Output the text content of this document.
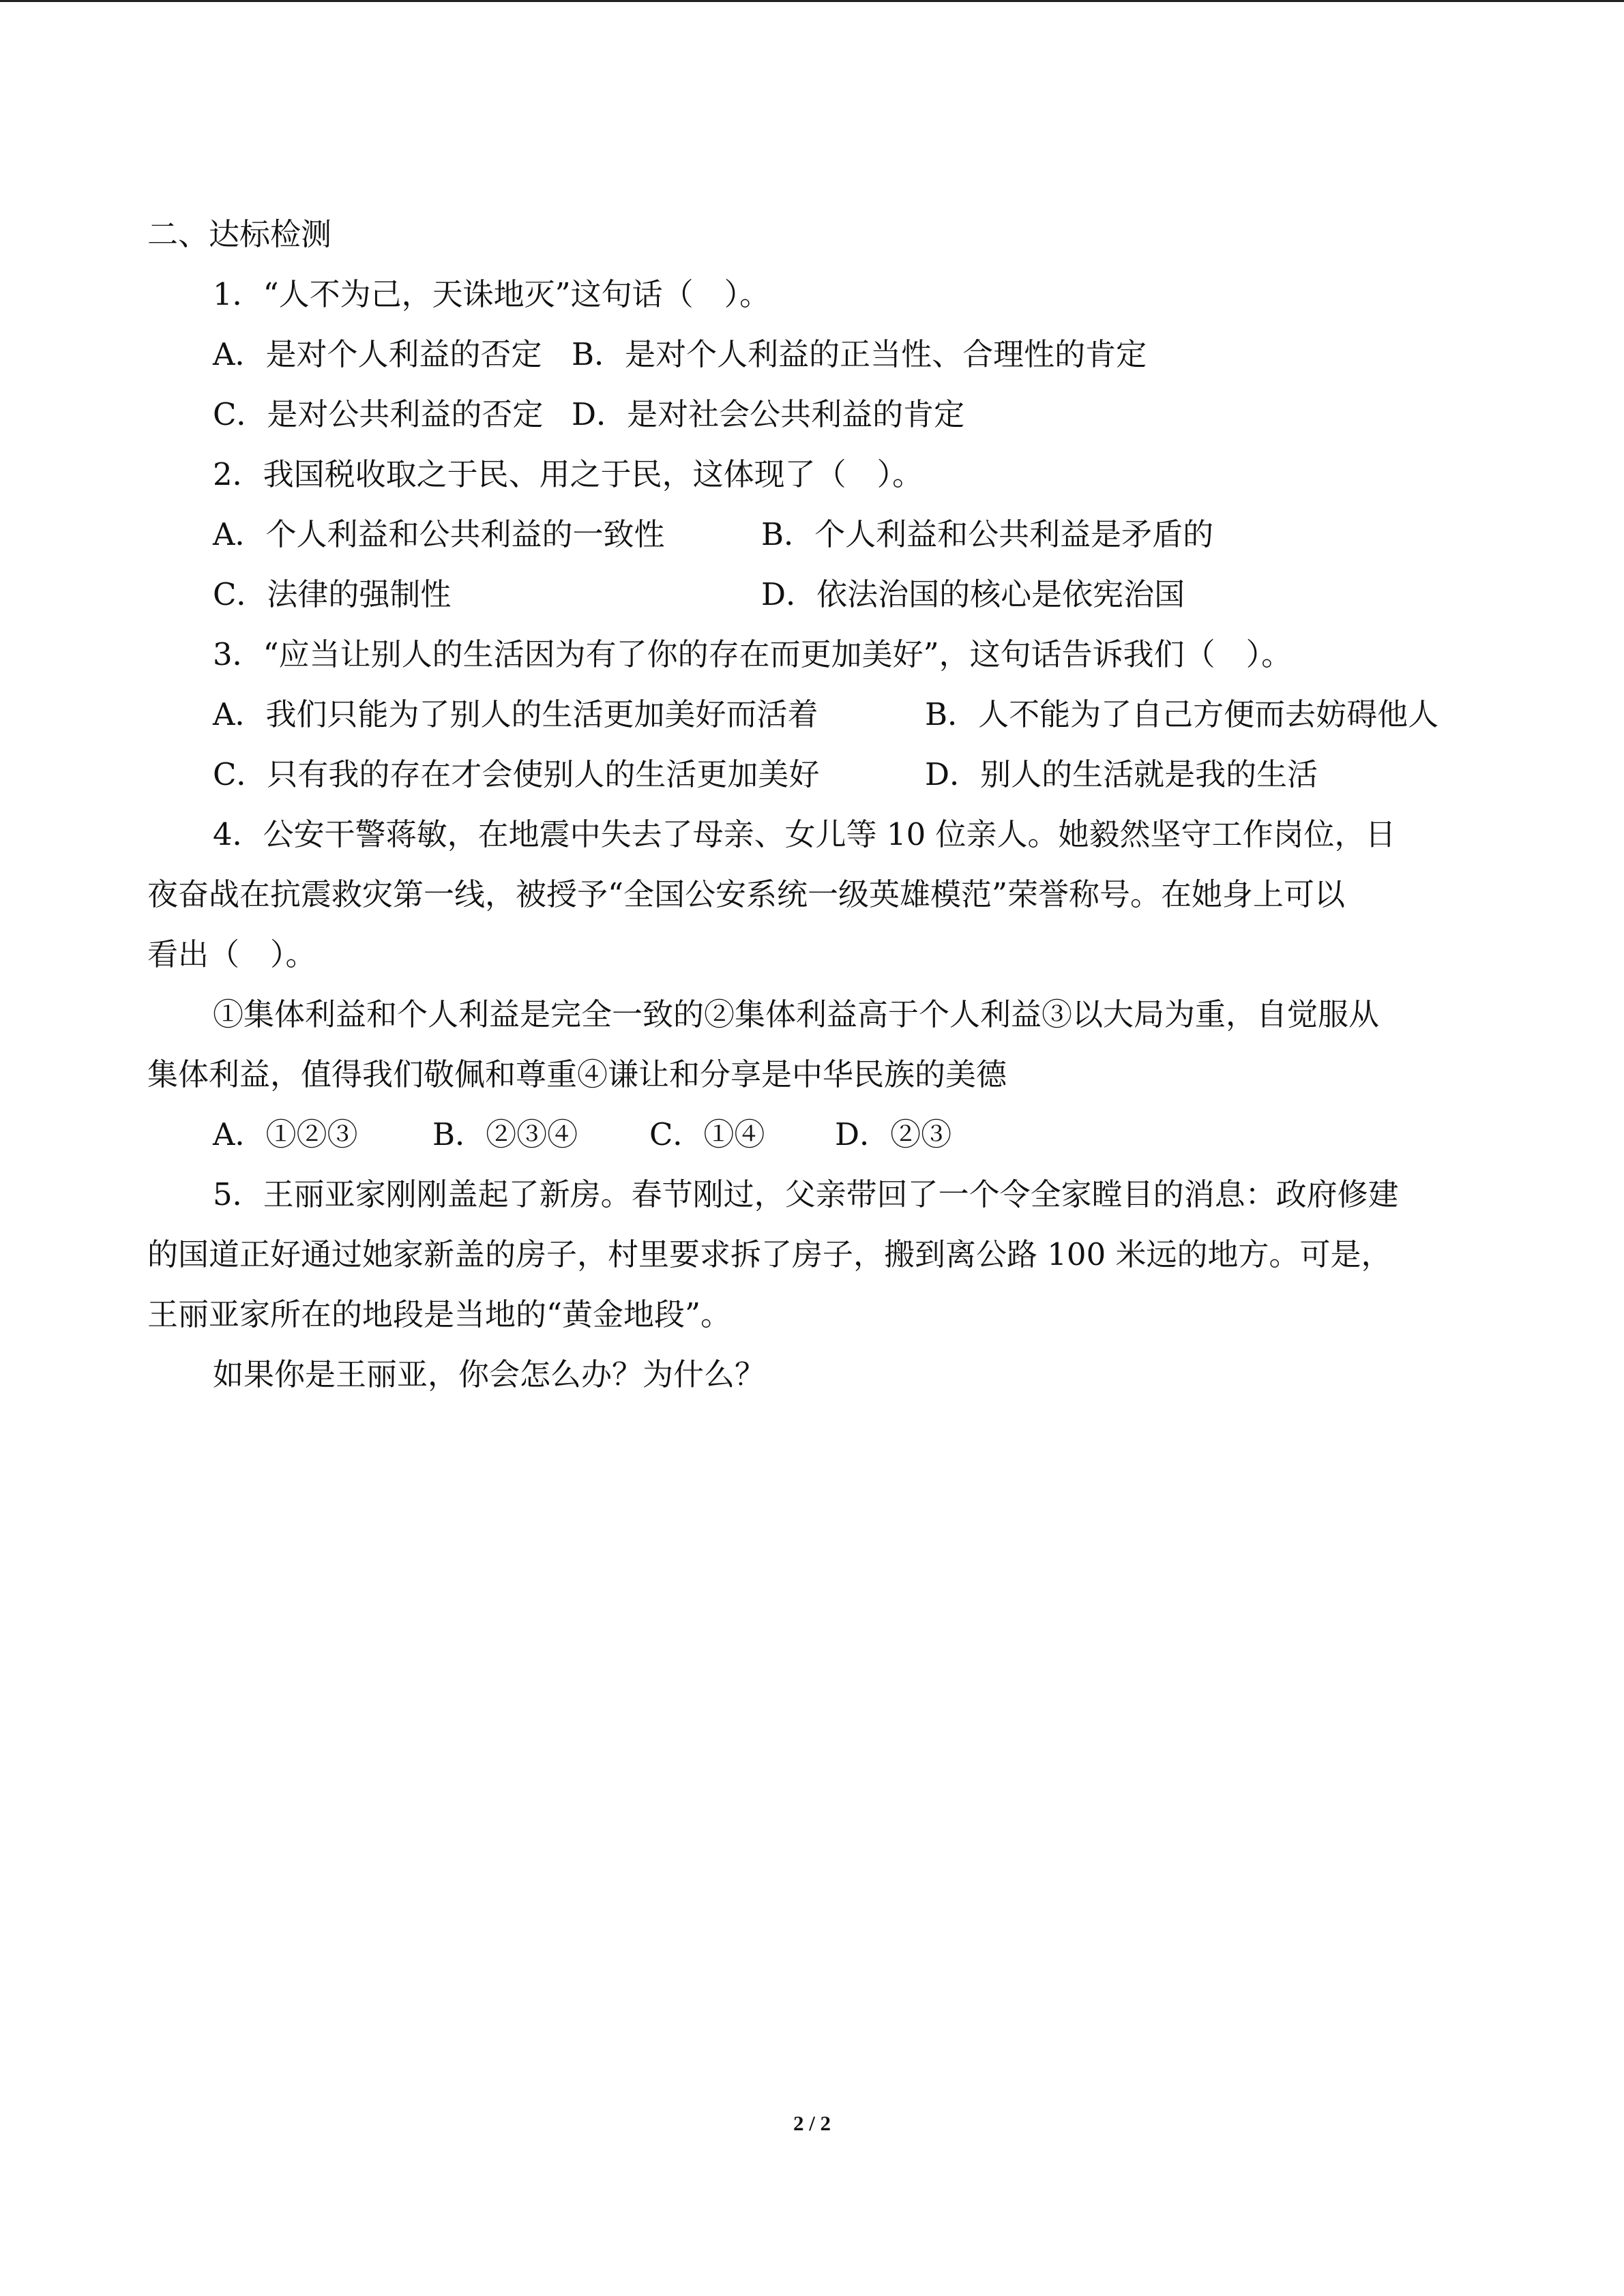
二、达标检测
1．“人不为己，天诛地灭”这句话（　）。
A．是对个人利益的否定 B．是对个人利益的正当性、合理性的肯定
C．是对公共利益的否定 D．是对社会公共利益的肯定
2．我国税收取之于民、用之于民，这体现了（　）。
A．个人利益和公共利益的一致性	B．个人利益和公共利益是矛盾的
C．法律的强制性	D．依法治国的核心是依宪治国
3．“应当让别人的生活因为有了你的存在而更加美好”，这句话告诉我们（　）。
A．我们只能为了别人的生活更加美好而活着	B．人不能为了自己方便而去妨碍他人
C．只有我的存在才会使别人的生活更加美好	D．别人的生活就是我的生活
4．公安干警蒋敏，在地震中失去了母亲、女儿等 10 位亲人。她毅然坚守工作岗位，日
夜奋战在抗震救灾第一线，被授予“全国公安系统一级英雄模范”荣誉称号。在她身上可以
看出（　）。
①集体利益和个人利益是完全一致的②集体利益高于个人利益③以大局为重，自觉服从
集体利益，值得我们敬佩和尊重④谦让和分享是中华民族的美德
A．①②③ B．②③④ C．①④ D．②③
5．王丽亚家刚刚盖起了新房。春节刚过，父亲带回了一个令全家瞠目的消息：政府修建
的国道正好通过她家新盖的房子，村里要求拆了房子，搬到离公路 100 米远的地方。可是，
王丽亚家所在的地段是当地的“黄金地段”。
如果你是王丽亚，你会怎么办？为什么？
2 / 2
